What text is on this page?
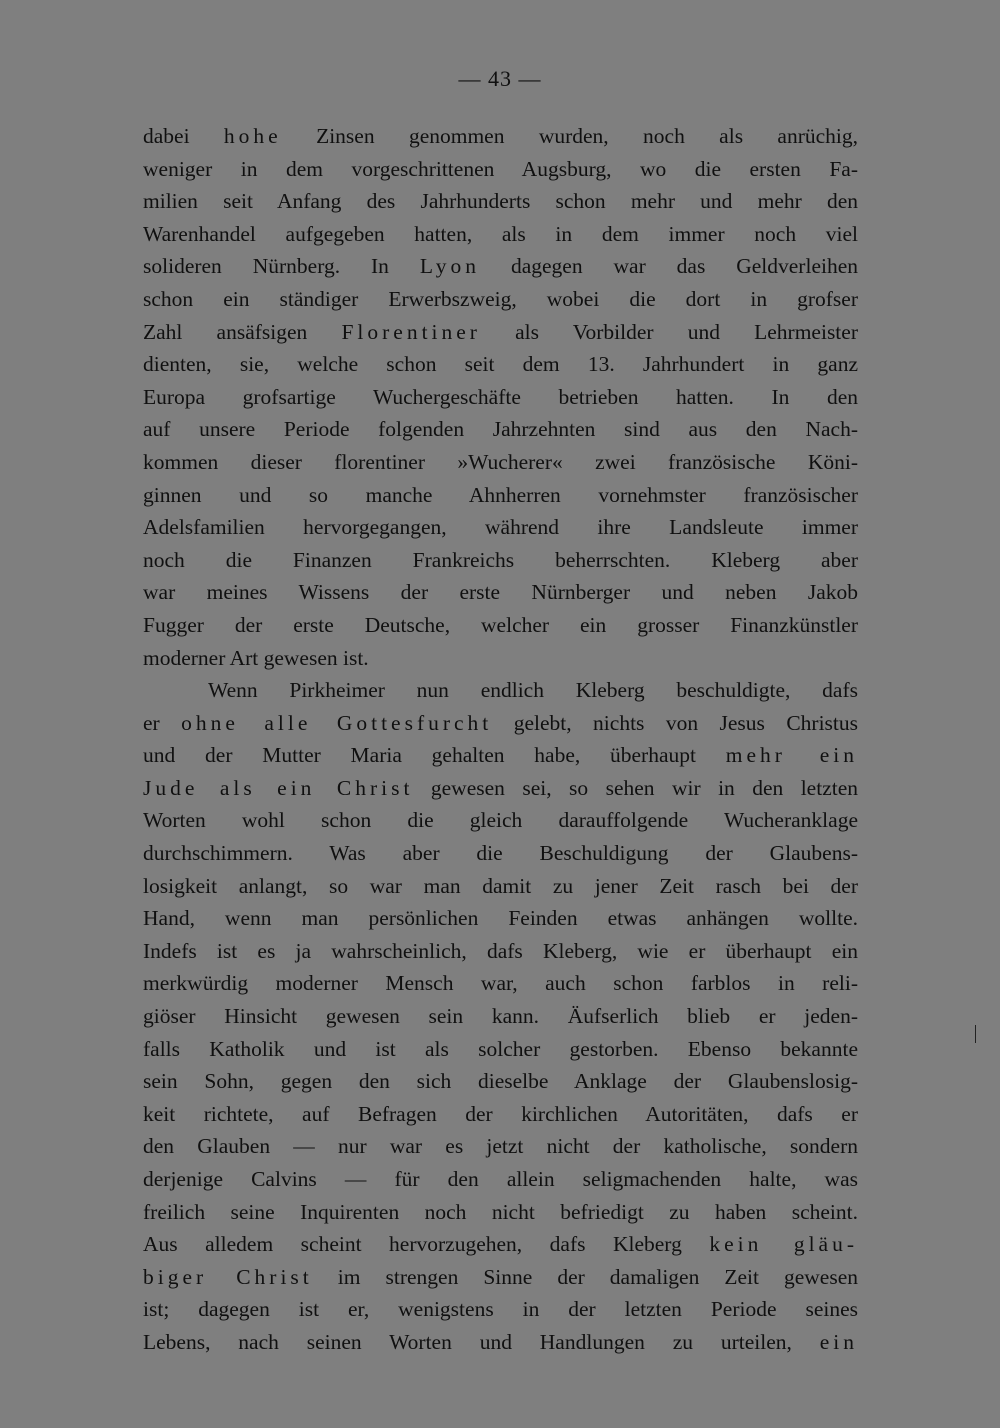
— 43 —
dabei hohe Zinsen genommen wurden, noch als anrüchig,
weniger in dem vorgeschrittenen Augsburg, wo die ersten Fa-
milien seit Anfang des Jahrhunderts schon mehr und mehr den
Warenhandel aufgegeben hatten, als in dem immer noch viel
solideren Nürnberg. In Lyon dagegen war das Geldverleihen
schon ein ständiger Erwerbszweig, wobei die dort in grofser
Zahl ansäfsigen Florentiner als Vorbilder und Lehrmeister
dienten, sie, welche schon seit dem 13. Jahrhundert in ganz
Europa grofsartige Wuchergeschäfte betrieben hatten. In den
auf unsere Periode folgenden Jahrzehnten sind aus den Nach-
kommen dieser florentiner »Wucherer« zwei französische Köni-
ginnen und so manche Ahnherren vornehmster französischer
Adelsfamilien hervorgegangen, während ihre Landsleute immer
noch die Finanzen Frankreichs beherrschten. Kleberg aber
war meines Wissens der erste Nürnberger und neben Jakob
Fugger der erste Deutsche, welcher ein grosser Finanzkünstler
moderner Art gewesen ist.
Wenn Pirkheimer nun endlich Kleberg beschuldigte, dafs
er ohne alle Gottesfurcht gelebt, nichts von Jesus Christus
und der Mutter Maria gehalten habe, überhaupt mehr ein
Jude als ein Christ gewesen sei, so sehen wir in den letzten
Worten wohl schon die gleich darauffolgende Wucheranklage
durchschimmern. Was aber die Beschuldigung der Glaubens-
losigkeit anlangt, so war man damit zu jener Zeit rasch bei der
Hand, wenn man persönlichen Feinden etwas anhängen wollte.
Indefs ist es ja wahrscheinlich, dafs Kleberg, wie er überhaupt ein
merkwürdig moderner Mensch war, auch schon farblos in reli-
giöser Hinsicht gewesen sein kann. Äufserlich blieb er jeden-
falls Katholik und ist als solcher gestorben. Ebenso bekannte
sein Sohn, gegen den sich dieselbe Anklage der Glaubenslosig-
keit richtete, auf Befragen der kirchlichen Autoritäten, dafs er
den Glauben — nur war es jetzt nicht der katholische, sondern
derjenige Calvins — für den allein seligmachenden halte, was
freilich seine Inquirenten noch nicht befriedigt zu haben scheint.
Aus alledem scheint hervorzugehen, dafs Kleberg kein gläu-
biger Christ im strengen Sinne der damaligen Zeit gewesen
ist; dagegen ist er, wenigstens in der letzten Periode seines
Lebens, nach seinen Worten und Handlungen zu urteilen, ein
